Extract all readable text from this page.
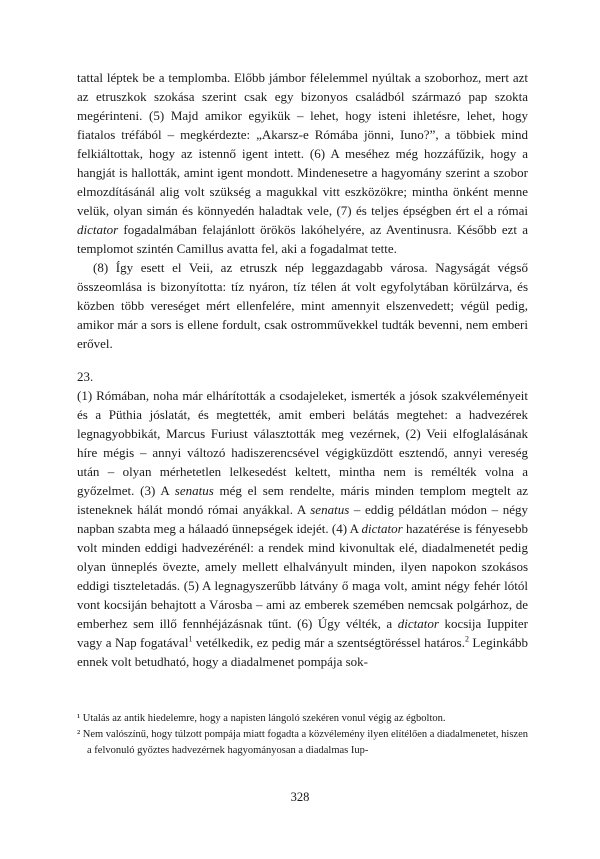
tattal léptek be a templomba. Előbb jámbor félelemmel nyúltak a szoborhoz, mert azt az etruszkok szokása szerint csak egy bizonyos családból származó pap szokta megérinteni. (5) Majd amikor egyikük – lehet, hogy isteni ihletésre, lehet, hogy fiatalos tréfából – megkérdezte: „Akarsz-e Rómába jönni, Iuno?”, a többiek mind felkiáltottak, hogy az istennő igent intett. (6) A meséhez még hozzáfűzik, hogy a hangját is hallották, amint igent mondott. Mindenesetre a hagyomány szerint a szobor elmozdításánál alig volt szükség a magukkal vitt eszközökre; mintha önként menne velük, olyan simán és könnyedén haladtak vele, (7) és teljes épségben ért el a római dictator fogadalmában felajánlott örökös lakóhelyére, az Aventinusra. Később ezt a templomot szintén Camillus avatta fel, aki a fogadalmat tette.

(8) Így esett el Veii, az etruszk nép leggazdagabb városa. Nagyságát végső összeomlása is bizonyította: tíz nyáron, tíz télen át volt egyfolytában körülzárva, és közben több vereséget mért ellenfelére, mint amennyit elszenvedett; végül pedig, amikor már a sors is ellene fordult, csak ostromművekkel tudták bevenni, nem emberi erővel.

23.

(1) Rómában, noha már elhárították a csodajeleket, ismerték a jósok szakvéleményeit és a Püthia jóslatát, és megtették, amit emberi belátás megtehet: a hadvezérek legnagyobbikát, Marcus Furiust választották meg vezérnek, (2) Veii elfoglalásának híre mégis – annyi változó hadiszerencsével végigküzdött esztendő, annyi vereség után – olyan mérhetetlen lelkesedést keltett, mintha nem is remélték volna a győzelmet. (3) A senatus még el sem rendelte, máris minden templom megtelt az isteneknek hálát mondó római anyákkal. A senatus – eddig példátlan módon – négy napban szabta meg a hálaadó ünnepségek idejét. (4) A dictator hazatérése is fényesebb volt minden eddigi hadvezérénél: a rendek mind kivonultak elé, diadalmenetét pedig olyan ünneplés övezte, amely mellett elhalványult minden, ilyen napokon szokásos eddigi tiszteletadás. (5) A legnagyszerűbb látvány ő maga volt, amint négy fehér lótól vont kocsiján behajtott a Városba – ami az emberek szemében nemcsak polgárhoz, de emberhez sem illő fennhéjázásnak tűnt. (6) Úgy vélték, a dictator kocsija Iuppiter vagy a Nap fogatával$^1$ vetélkedik, ez pedig már a szentségtöréssel határos.$^2$ Leginkább ennek volt betudható, hogy a diadalmenet pompája sok-

¹ Utalás az antik hiedelemre, hogy a napisten lángoló szekéren vonul végig az égbolton.

² Nem valószínű, hogy túlzott pompája miatt fogadta a közvélemény ilyen elítélően a diadalmenetet, hiszen a felvonuló győztes hadvezérnek hagyományosan a diadalmas Iup-

328
